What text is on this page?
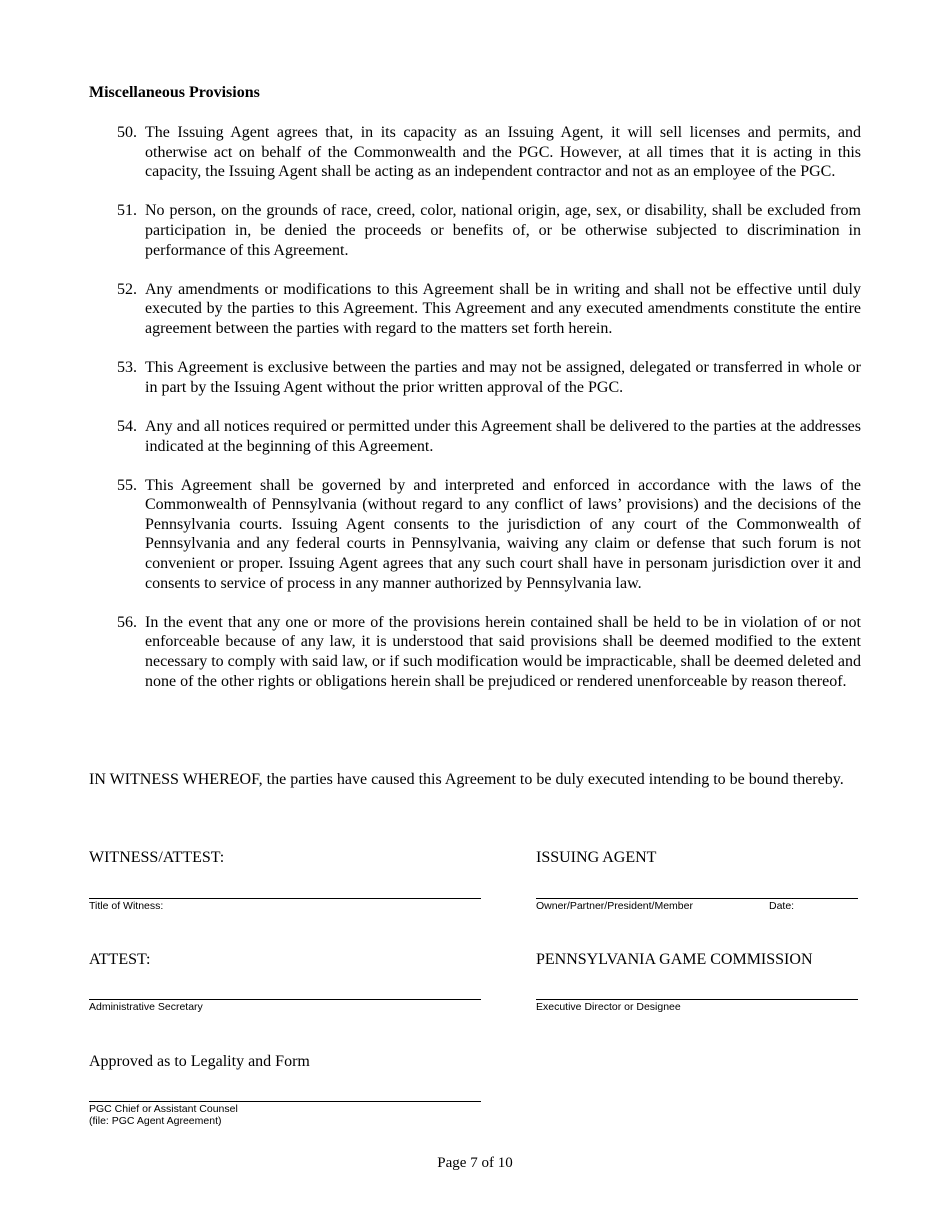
Miscellaneous Provisions
50. The Issuing Agent agrees that, in its capacity as an Issuing Agent, it will sell licenses and permits, and otherwise act on behalf of the Commonwealth and the PGC. However, at all times that it is acting in this capacity, the Issuing Agent shall be acting as an independent contractor and not as an employee of the PGC.
51. No person, on the grounds of race, creed, color, national origin, age, sex, or disability, shall be excluded from participation in, be denied the proceeds or benefits of, or be otherwise subjected to discrimination in performance of this Agreement.
52. Any amendments or modifications to this Agreement shall be in writing and shall not be effective until duly executed by the parties to this Agreement. This Agreement and any executed amendments constitute the entire agreement between the parties with regard to the matters set forth herein.
53. This Agreement is exclusive between the parties and may not be assigned, delegated or transferred in whole or in part by the Issuing Agent without the prior written approval of the PGC.
54. Any and all notices required or permitted under this Agreement shall be delivered to the parties at the addresses indicated at the beginning of this Agreement.
55. This Agreement shall be governed by and interpreted and enforced in accordance with the laws of the Commonwealth of Pennsylvania (without regard to any conflict of laws’ provisions) and the decisions of the Pennsylvania courts. Issuing Agent consents to the jurisdiction of any court of the Commonwealth of Pennsylvania and any federal courts in Pennsylvania, waiving any claim or defense that such forum is not convenient or proper. Issuing Agent agrees that any such court shall have in personam jurisdiction over it and consents to service of process in any manner authorized by Pennsylvania law.
56. In the event that any one or more of the provisions herein contained shall be held to be in violation of or not enforceable because of any law, it is understood that said provisions shall be deemed modified to the extent necessary to comply with said law, or if such modification would be impracticable, shall be deemed deleted and none of the other rights or obligations herein shall be prejudiced or rendered unenforceable by reason thereof.
IN WITNESS WHEREOF, the parties have caused this Agreement to be duly executed intending to be bound thereby.
WITNESS/ATTEST:
Title of Witness:
ATTEST:
Administrative Secretary
Approved as to Legality and Form
PGC Chief or Assistant Counsel
(file: PGC Agent Agreement)
ISSUING AGENT
Owner/Partner/President/Member	Date:
PENNSYLVANIA GAME COMMISSION
Executive Director or Designee
Page 7 of 10
